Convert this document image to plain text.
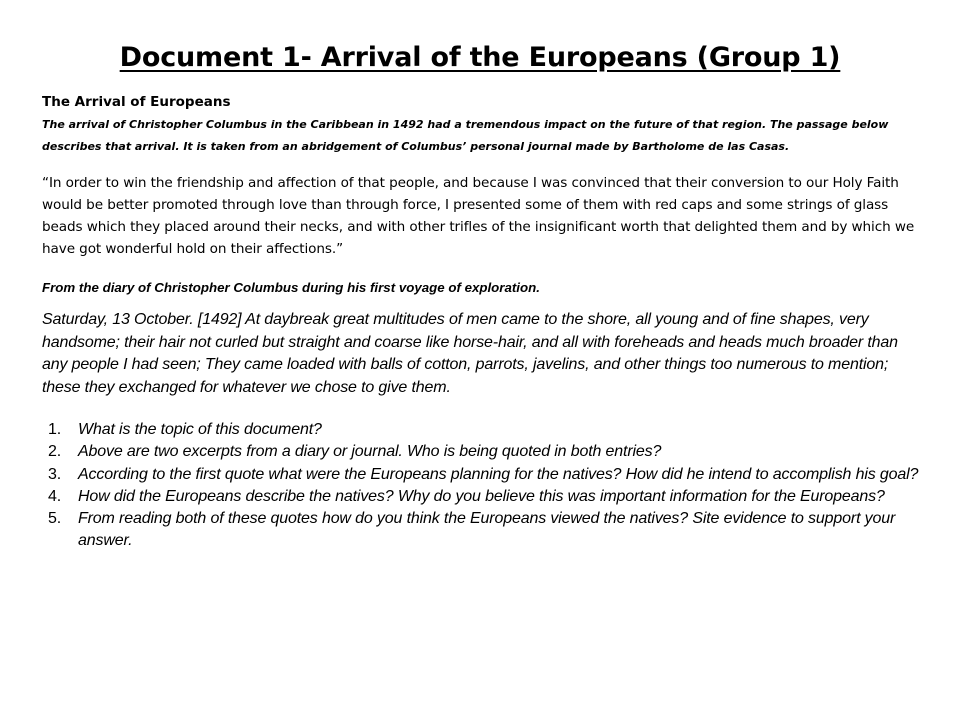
Document 1- Arrival of the Europeans (Group 1)

The Arrival of Europeans

The arrival of Christopher Columbus in the Caribbean in 1492 had a tremendous impact on the future of that region. The passage below describes that arrival. It is taken from an abridgement of Columbus’ personal journal made by Bartholome de las Casas.

“In order to win the friendship and affection of that people, and because I was convinced that their conversion to our Holy Faith would be better promoted through love than through force, I presented some of them with red caps and some strings of glass beads which they placed around their necks, and with other trifles of the insignificant worth that delighted them and by which we have got wonderful hold on their affections.”

From the diary of Christopher Columbus during his first voyage of exploration.

Saturday, 13 October. [1492] At daybreak great multitudes of men came to the shore, all young and of fine shapes, very handsome; their hair not curled but straight and coarse like horse-hair, and all with foreheads and heads much broader than any people I had seen; They came loaded with balls of cotton, parrots, javelins, and other things too numerous to mention; these they exchanged for whatever we chose to give them.

1. What is the topic of this document?
2. Above are two excerpts from a diary or journal. Who is being quoted in both entries?
3. According to the first quote what were the Europeans planning for the natives? How did he intend to accomplish his goal?
4. How did the Europeans describe the natives? Why do you believe this was important information for the Europeans?
5. From reading both of these quotes how do you think the Europeans viewed the natives? Site evidence to support your answer.
